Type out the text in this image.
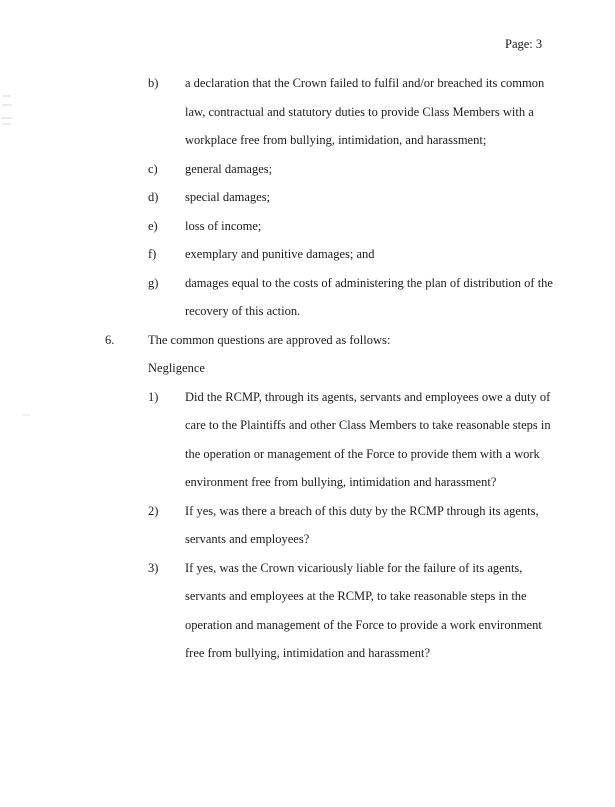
Page: 3
b) a declaration that the Crown failed to fulfil and/or breached its common
law, contractual and statutory duties to provide Class Members with a
workplace free from bullying, intimidation, and harassment;
c) general damages;
d) special damages;
e) loss of income;
f) exemplary and punitive damages; and
g) damages equal to the costs of administering the plan of distribution of the
recovery of this action.
6.	The common questions are approved as follows:
Negligence
1) Did the RCMP, through its agents, servants and employees owe a duty of
care to the Plaintiffs and other Class Members to take reasonable steps in
the operation or management of the Force to provide them with a work
environment free from bullying, intimidation and harassment?
2) If yes, was there a breach of this duty by the RCMP through its agents,
servants and employees?
3) If yes, was the Crown vicariously liable for the failure of its agents,
servants and employees at the RCMP, to take reasonable steps in the
operation and management of the Force to provide a work environment
free from bullying, intimidation and harassment?
